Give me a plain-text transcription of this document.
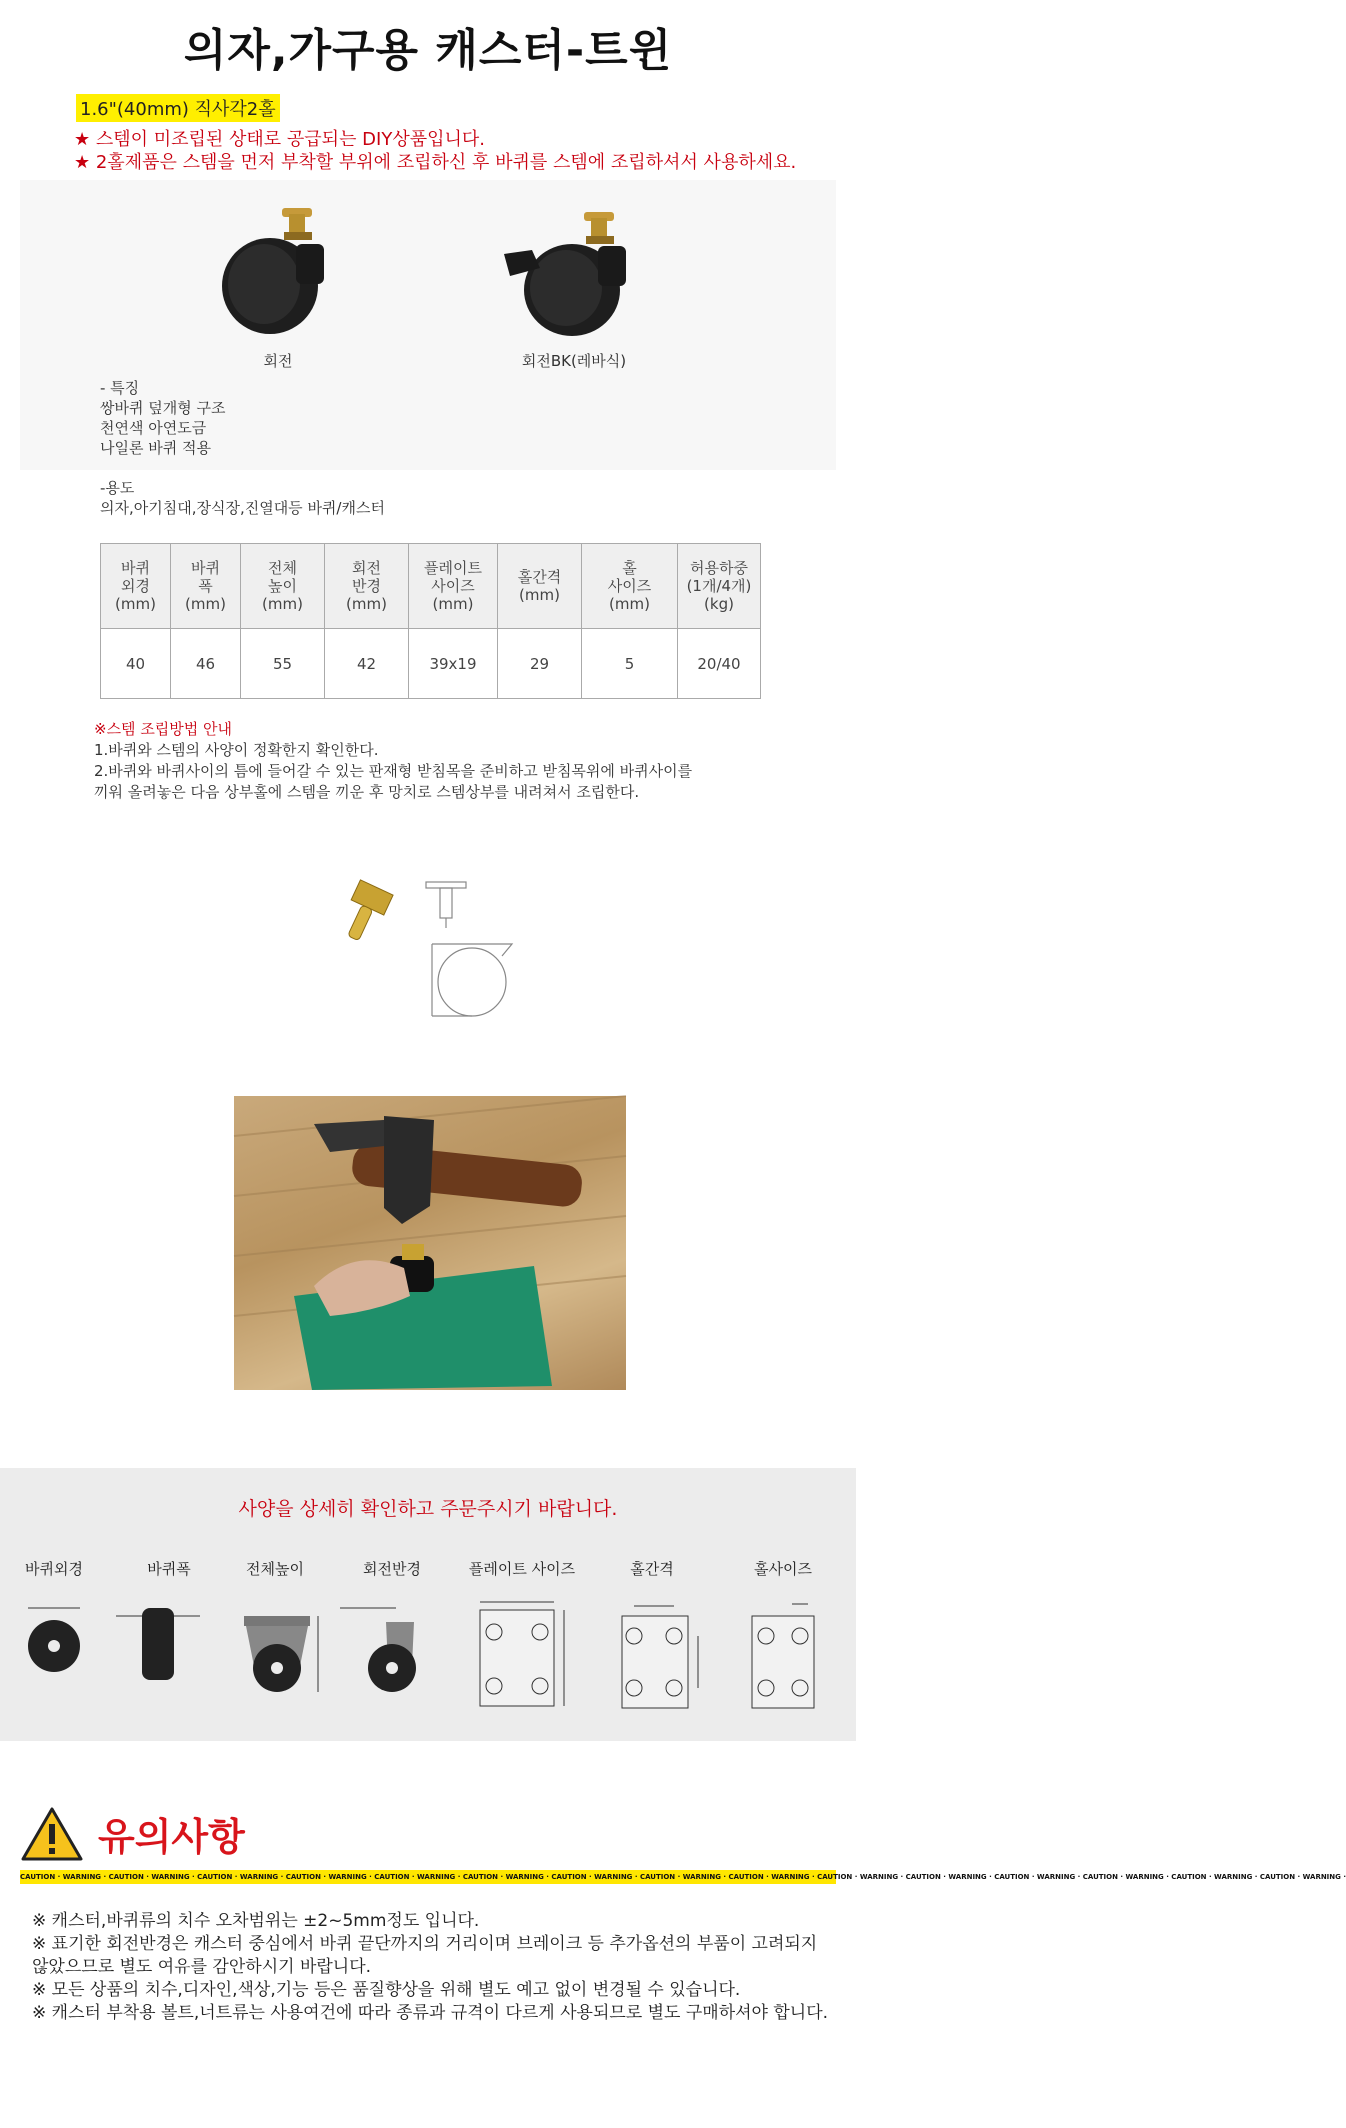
의자,가구용 캐스터-트윈
1.6"(40mm) 직사각2홀
★ 스템이 미조립된 상태로 공급되는 DIY상품입니다.
★ 2홀제품은 스템을 먼저 부착할 부위에 조립하신 후 바퀴를 스템에 조립하셔서 사용하세요.
회전	회전BK(레바식)
- 특징
쌍바퀴 덮개형 구조
천연색 아연도금
나일론 바퀴 적용
-용도
의자,아기침대,장식장,진열대등 바퀴/캐스터
바퀴
외경
(mm)	바퀴
폭
(mm)	전체
높이
(mm)	회전
반경
(mm)	플레이트
사이즈
(mm)	홀간격
(mm)	홀
사이즈
(mm)	허용하중
(1개/4개)
(kg)
40	46	55	42	39x19	29	5	20/40
※스템 조립방법 안내
1.바퀴와 스템의 사양이 정확한지 확인한다.
2.바퀴와 바퀴사이의 틈에 들어갈 수 있는 판재형 받침목을 준비하고 받침목위에 바퀴사이를
끼워 올려놓은 다음 상부홀에 스템을 끼운 후 망치로 스템상부를 내려쳐서 조립한다.
사양을 상세히 확인하고 주문주시기 바랍니다.
바퀴외경	바퀴폭	전체높이	회전반경	플레이트 사이즈	홀간격	홀사이즈
유의사항
CAUTION · WARNING · CAUTION · WARNING · CAUTION · WARNING · CAUTION · WARNING · CAUTION · WARNING · CAUTION · WARNING · CAUTION · WARNING · CAUTION · WARNING · CAUTION · WARNING · CAUTION · WARNING · CAUTION · WARNING · CAUTION · WARNING · CAUTION · WARNING · CAUTION · WARNING · CAUTION · WARNING ·
※ 캐스터,바퀴류의 치수 오차범위는 ±2~5mm정도 입니다.
※ 표기한 회전반경은 캐스터 중심에서 바퀴 끝단까지의 거리이며 브레이크 등 추가옵션의 부품이 고려되지 않았으므로 별도 여유를 감안하시기 바랍니다.
※ 모든 상품의 치수,디자인,색상,기능 등은 품질향상을 위해 별도 예고 없이 변경될 수 있습니다.
※ 캐스터 부착용 볼트,너트류는 사용여건에 따라 종류과 규격이 다르게 사용되므로 별도 구매하셔야 합니다.
